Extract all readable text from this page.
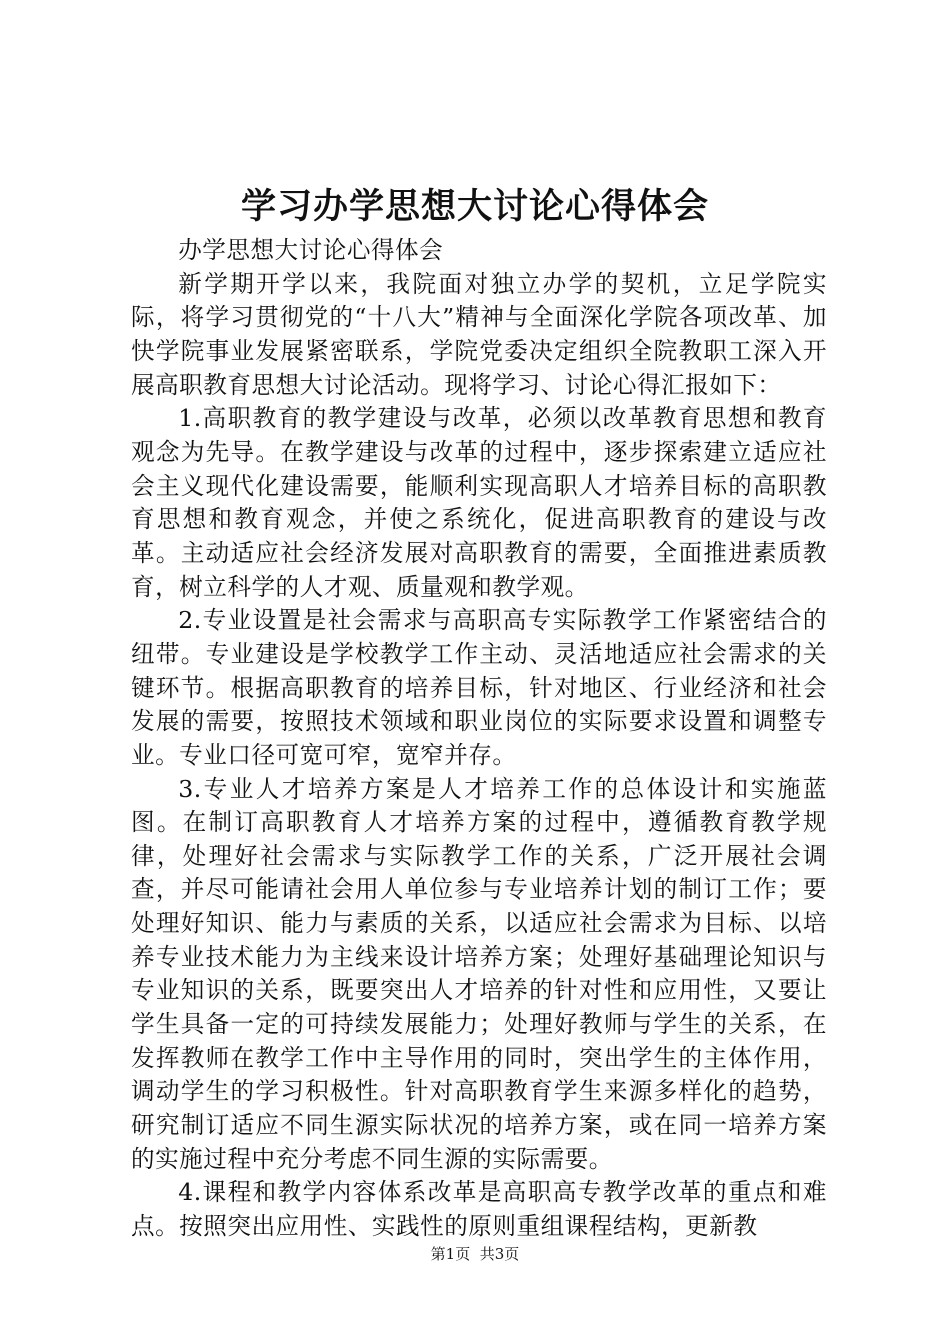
学习办学思想大讨论心得体会

办学思想大讨论心得体会

新学期开学以来，我院面对独立办学的契机，立足学院实际，将学习贯彻党的“十八大”精神与全面深化学院各项改革、加快学院事业发展紧密联系，学院党委决定组织全院教职工深入开展高职教育思想大讨论活动。现将学习、讨论心得汇报如下：

1.高职教育的教学建设与改革，必须以改革教育思想和教育观念为先导。在教学建设与改革的过程中，逐步探索建立适应社会主义现代化建设需要，能顺利实现高职人才培养目标的高职教育思想和教育观念，并使之系统化，促进高职教育的建设与改革。主动适应社会经济发展对高职教育的需要，全面推进素质教育，树立科学的人才观、质量观和教学观。

2.专业设置是社会需求与高职高专实际教学工作紧密结合的纽带。专业建设是学校教学工作主动、灵活地适应社会需求的关键环节。根据高职教育的培养目标，针对地区、行业经济和社会发展的需要，按照技术领域和职业岗位的实际要求设置和调整专业。专业口径可宽可窄，宽窄并存。

3.专业人才培养方案是人才培养工作的总体设计和实施蓝图。在制订高职教育人才培养方案的过程中，遵循教育教学规律，处理好社会需求与实际教学工作的关系，广泛开展社会调查，并尽可能请社会用人单位参与专业培养计划的制订工作；要处理好知识、能力与素质的关系，以适应社会需求为目标、以培养专业技术能力为主线来设计培养方案；处理好基础理论知识与专业知识的关系，既要突出人才培养的针对性和应用性，又要让学生具备一定的可持续发展能力；处理好教师与学生的关系，在发挥教师在教学工作中主导作用的同时，突出学生的主体作用，调动学生的学习积极性。针对高职教育学生来源多样化的趋势，研究制订适应不同生源实际状况的培养方案，或在同一培养方案的实施过程中充分考虑不同生源的实际需要。

4.课程和教学内容体系改革是高职高专教学改革的重点和难点。按照突出应用性、实践性的原则重组课程结构，更新教

第1页 共3页
